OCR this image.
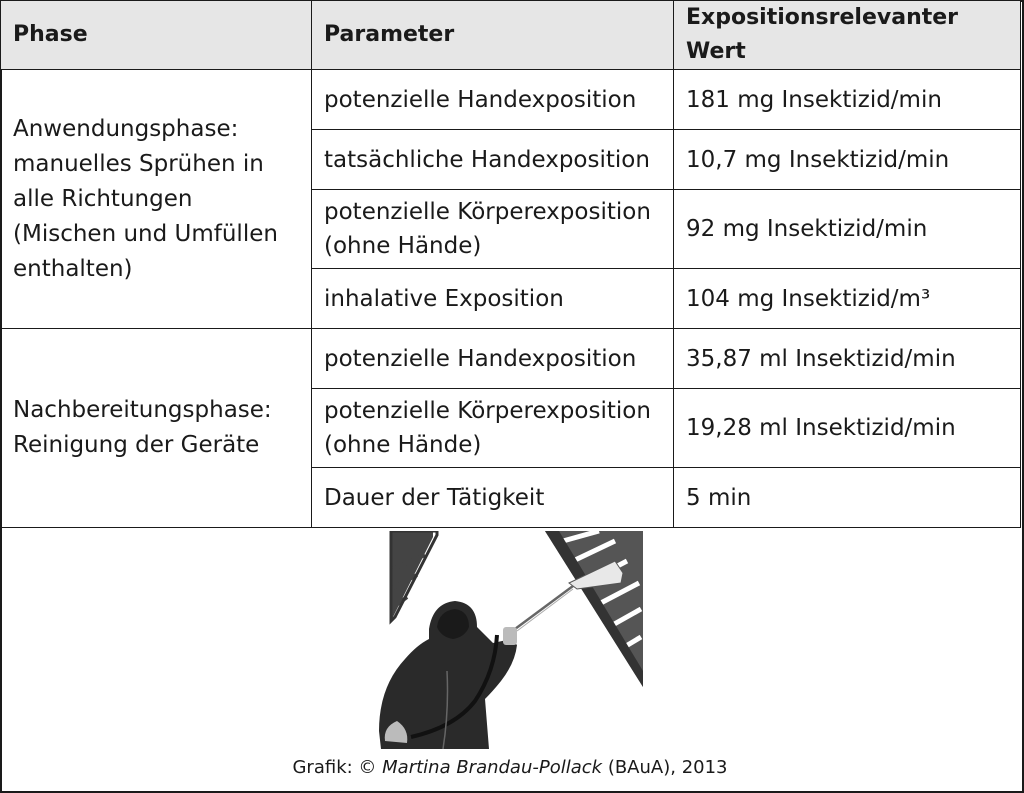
Phase	Parameter	Expositionsrelevanter Wert
Anwendungsphase: manuelles Sprühen in alle Richtungen (Mischen und Umfüllen enthalten)	potenzielle Handexposition	181 mg Insektizid/min
	tatsächliche Handexposition	10,7 mg Insektizid/min
	potenzielle Körperexposition (ohne Hände)	92 mg Insektizid/min
	inhalative Exposition	104 mg Insektizid/m³
Nachbereitungsphase: Reinigung der Geräte	potenzielle Handexposition	35,87 ml Insektizid/min
	potenzielle Körperexposition (ohne Hände)	19,28 ml Insektizid/min
	Dauer der Tätigkeit	5 min
Grafik: © Martina Brandau-Pollack (BAuA), 2013
